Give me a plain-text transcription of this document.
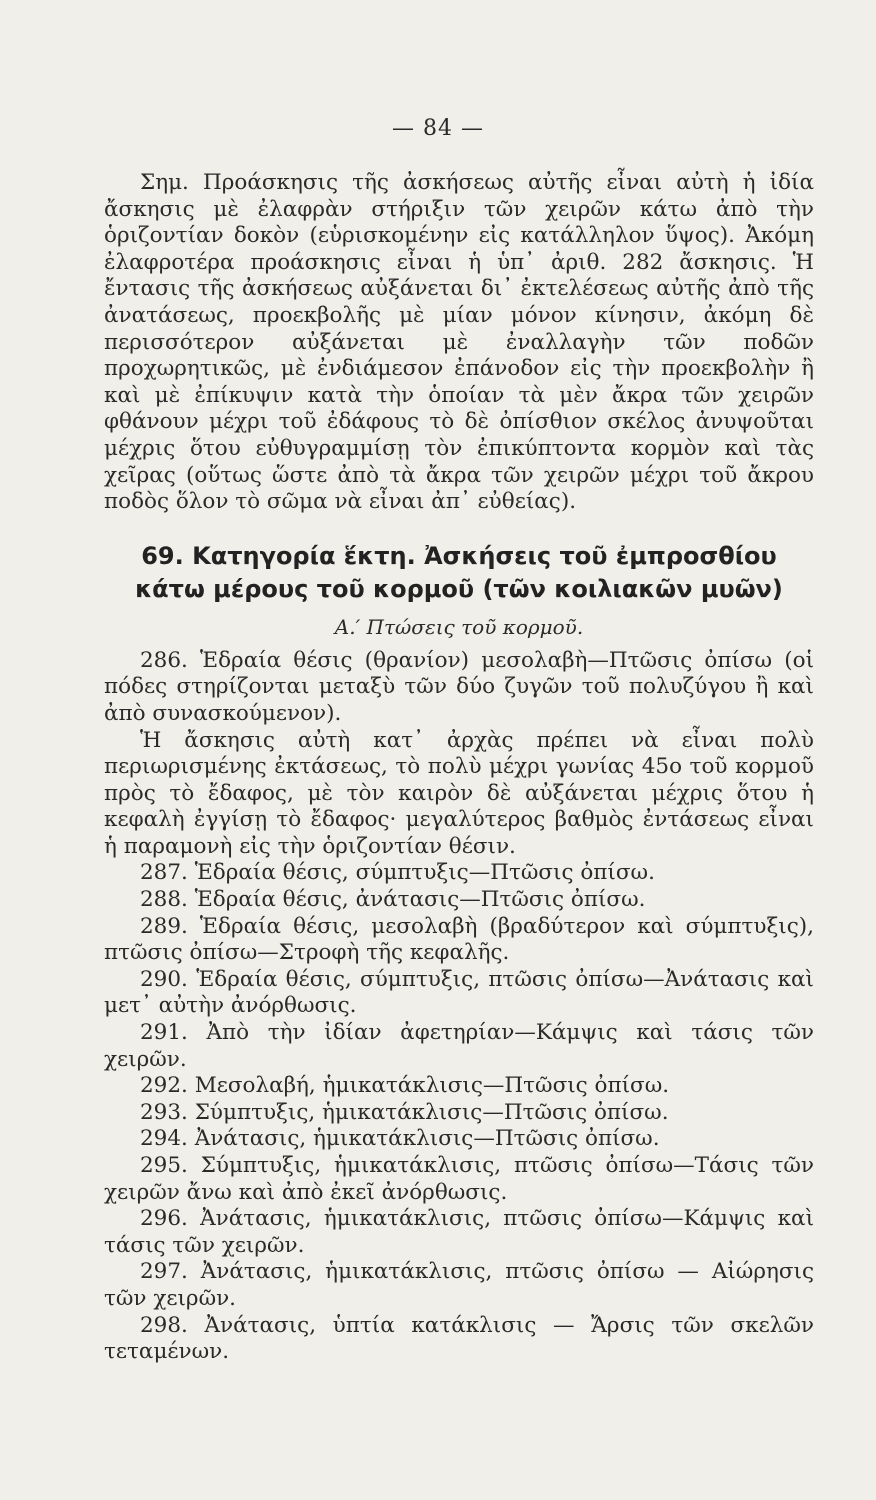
— 84 —

Σημ. Προάσκησις τῆς ἀσκήσεως αὐτῆς εἶναι αὐτὴ ἡ ἰδία ἄσκησις μὲ ἐλαφρὰν στήριξιν τῶν χειρῶν κάτω ἀπὸ τὴν ὁριζοντίαν δοκὸν (εὑρισκομένην εἰς κατάλληλον ὕψος). Ἀκόμη ἐλαφροτέρα προάσκησις εἶναι ἡ ὑπ᾽ ἀριθ. 282 ἄσκησις. Ἡ ἔντασις τῆς ἀσκήσεως αὐξάνεται δι᾽ ἐκτελέσεως αὐτῆς ἀπὸ τῆς ἀνατάσεως, προεκβολῆς μὲ μίαν μόνον κίνησιν, ἀκόμη δὲ περισσότερον αὐξάνεται μὲ ἐναλλαγὴν τῶν ποδῶν προχωρητικῶς, μὲ ἐνδιάμεσον ἐπάνοδον εἰς τὴν προεκβολὴν ἢ καὶ μὲ ἐπίκυψιν κατὰ τὴν ὁποίαν τὰ μὲν ἄκρα τῶν χειρῶν φθάνουν μέχρι τοῦ ἐδάφους τὸ δὲ ὀπίσθιον σκέλος ἀνυψοῦται μέχρις ὅτου εὐθυγραμμίσῃ τὸν ἐπικύπτοντα κορμὸν καὶ τὰς χεῖρας (οὕτως ὥστε ἀπὸ τὰ ἄκρα τῶν χειρῶν μέχρι τοῦ ἄκρου ποδὸς ὅλον τὸ σῶμα νὰ εἶναι ἀπ᾽ εὐθείας).

69. Κατηγορία ἕκτη. Ἀσκήσεις τοῦ ἐμπροσθίου κάτω μέρους τοῦ κορμοῦ (τῶν κοιλιακῶν μυῶν)
Α.′ Πτώσεις τοῦ κορμοῦ.

286. Ἑδραία θέσις (θρανίον) μεσολαβὴ—Πτῶσις ὀπίσω (οἱ πόδες στηρίζονται μεταξὺ τῶν δύο ζυγῶν τοῦ πολυζύγου ἢ καὶ ἀπὸ συνασκούμενον).

Ἡ ἄσκησις αὐτὴ κατ᾽ ἀρχὰς πρέπει νὰ εἶναι πολὺ περιωρισμένης ἐκτάσεως, τὸ πολὺ μέχρι γωνίας 45ο τοῦ κορμοῦ πρὸς τὸ ἔδαφος, μὲ τὸν καιρὸν δὲ αὐξάνεται μέχρις ὅτου ἡ κεφαλὴ ἐγγίσῃ τὸ ἔδαφος· μεγαλύτερος βαθμὸς ἐντάσεως εἶναι ἡ παραμονὴ εἰς τὴν ὁριζοντίαν θέσιν.

287. Ἑδραία θέσις, σύμπτυξις—Πτῶσις ὀπίσω.

288. Ἑδραία θέσις, ἀνάτασις—Πτῶσις ὀπίσω.

289. Ἑδραία θέσις, μεσολαβὴ (βραδύτερον καὶ σύμπτυξις), πτῶσις ὀπίσω—Στροφὴ τῆς κεφαλῆς.

290. Ἑδραία θέσις, σύμπτυξις, πτῶσις ὀπίσω—Ἀνάτασις καὶ μετ᾽ αὐτὴν ἀνόρθωσις.

291. Ἀπὸ τὴν ἰδίαν ἀφετηρίαν—Κάμψις καὶ τάσις τῶν χειρῶν.

292. Μεσολαβή, ἡμικατάκλισις—Πτῶσις ὀπίσω.

293. Σύμπτυξις, ἡμικατάκλισις—Πτῶσις ὀπίσω.

294. Ἀνάτασις, ἡμικατάκλισις—Πτῶσις ὀπίσω.

295. Σύμπτυξις, ἡμικατάκλισις, πτῶσις ὀπίσω—Τάσις τῶν χειρῶν ἄνω καὶ ἀπὸ ἐκεῖ ἀνόρθωσις.

296. Ἀνάτασις, ἡμικατάκλισις, πτῶσις ὀπίσω—Κάμψις καὶ τάσις τῶν χειρῶν.

297. Ἀνάτασις, ἡμικατάκλισις, πτῶσις ὀπίσω — Αἰώρησις τῶν χειρῶν.

298. Ἀνάτασις, ὑπτία κατάκλισις — Ἄρσις τῶν σκελῶν τεταμένων.
